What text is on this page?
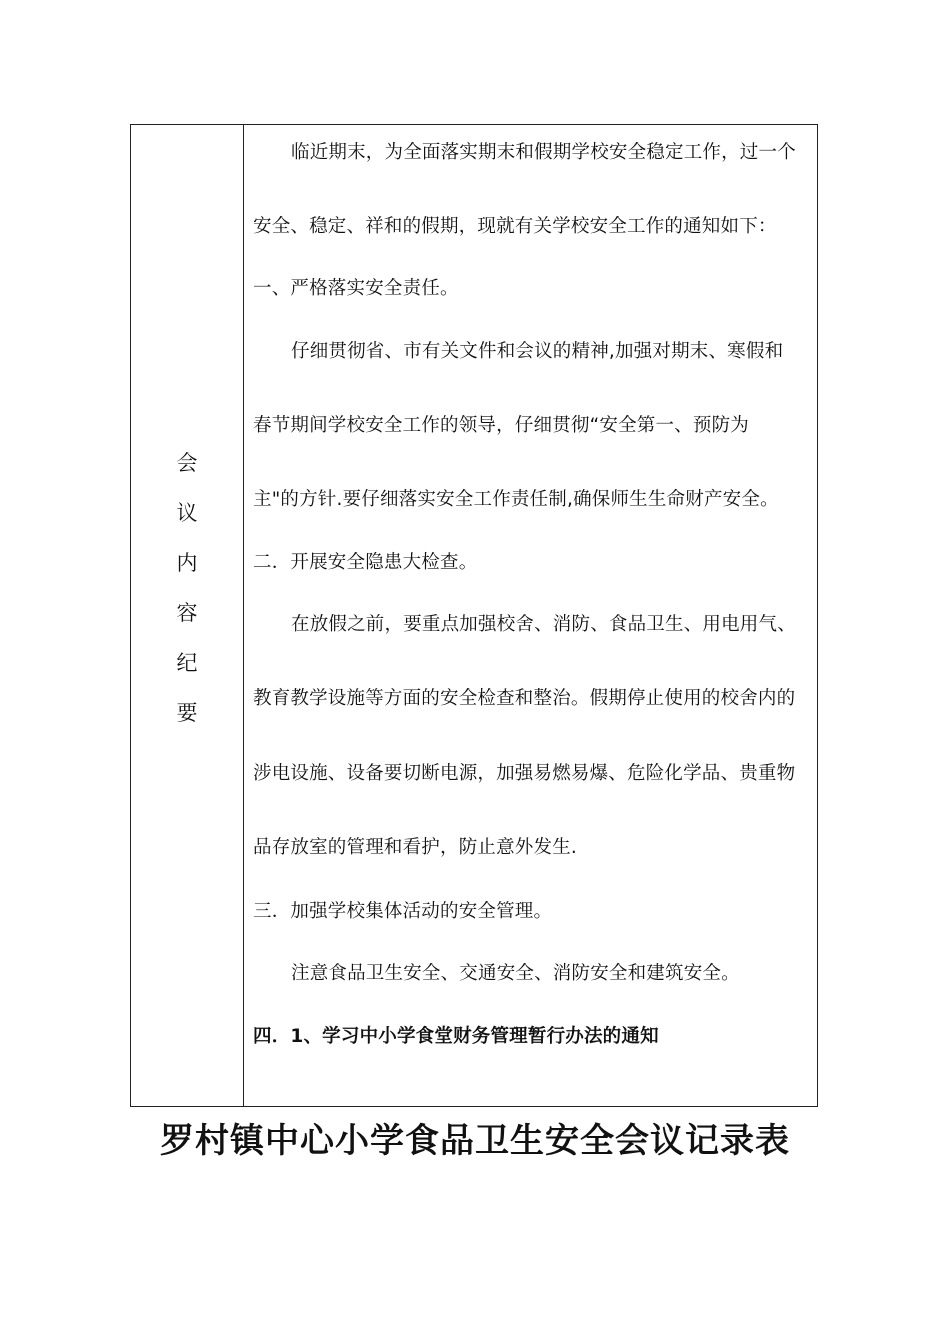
会
议
内
容
纪
要
临近期末，为全面落实期末和假期学校安全稳定工作，过一个
安全、稳定、祥和的假期，现就有关学校安全工作的通知如下：
一、严格落实安全责任。
仔细贯彻省、市有关文件和会议的精神,加强对期末、寒假和
春节期间学校安全工作的领导，仔细贯彻“安全第一、预防为
主"的方针.要仔细落实安全工作责任制,确保师生生命财产安全。
二．开展安全隐患大检查。
在放假之前，要重点加强校舍、消防、食品卫生、用电用气、
教育教学设施等方面的安全检查和整治。假期停止使用的校舍内的
涉电设施、设备要切断电源，加强易燃易爆、危险化学品、贵重物
品存放室的管理和看护，防止意外发生.
三．加强学校集体活动的安全管理。
注意食品卫生安全、交通安全、消防安全和建筑安全。
四．1、学习中小学食堂财务管理暂行办法的通知
罗村镇中心小学食品卫生安全会议记录表
